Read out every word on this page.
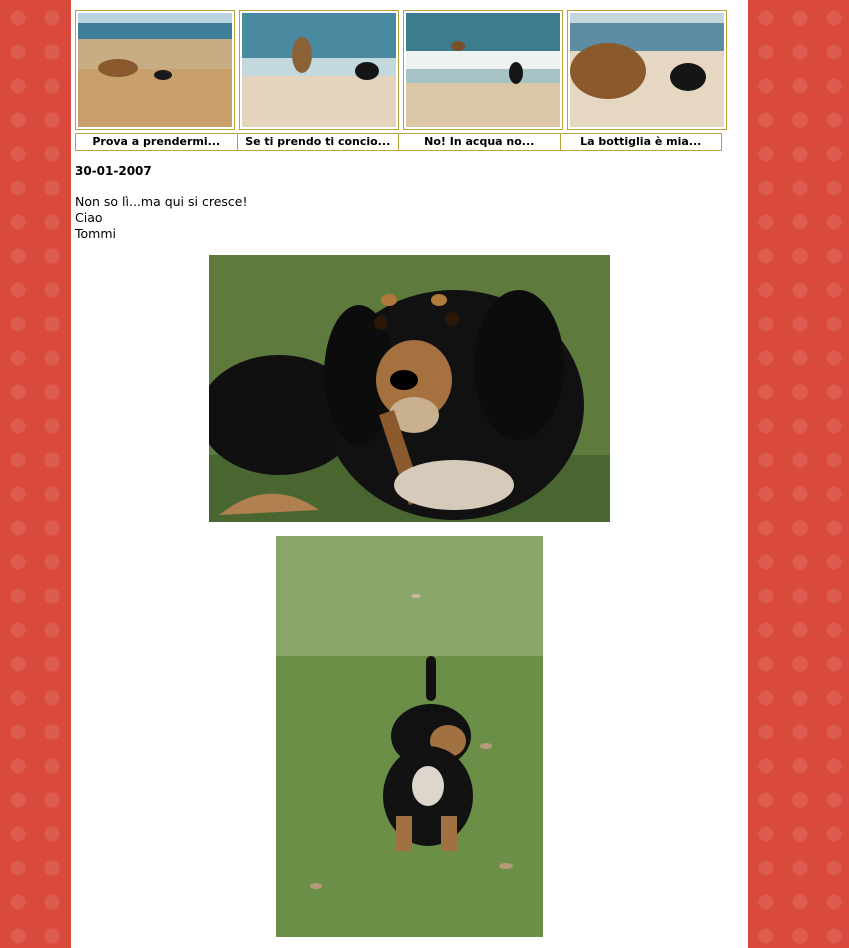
Prova a prendermi...	Se ti prendo ti concio...	No! In acqua no...	La bottiglia è mia...
30-01-2007
Non so lì...ma qui si cresce!
Ciao
Tommi
